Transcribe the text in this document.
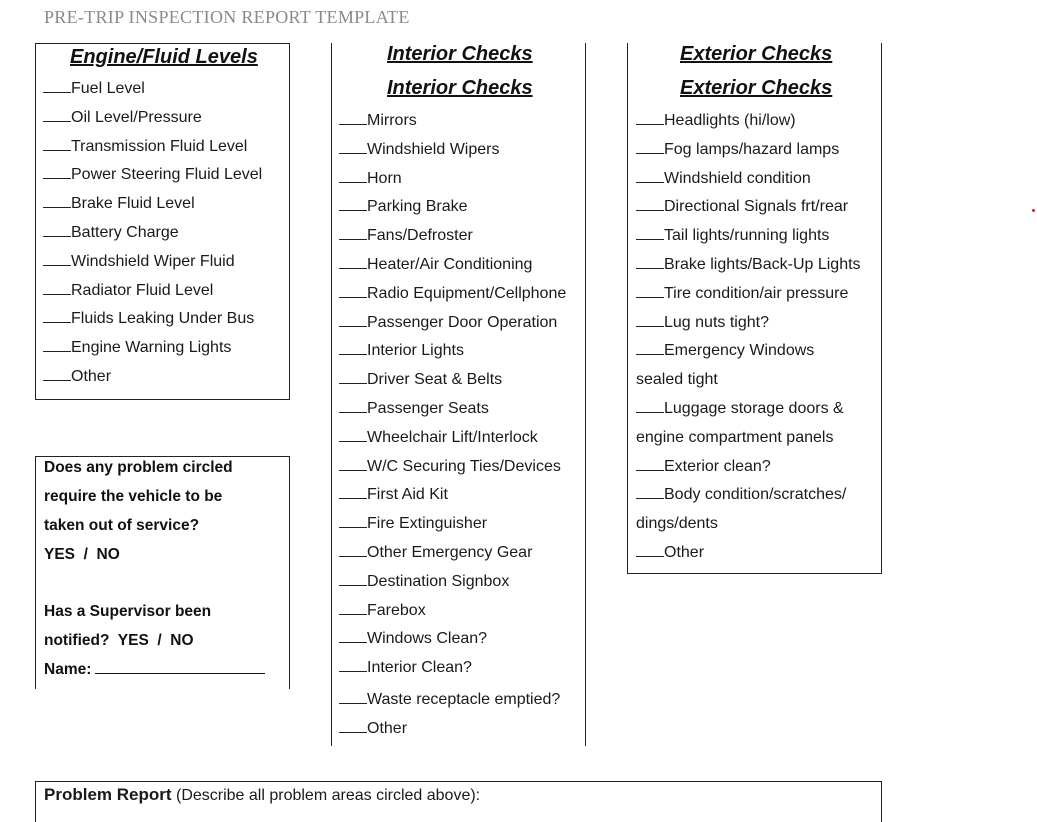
PRE-TRIP INSPECTION REPORT TEMPLATE
Engine/Fluid Levels
Does any problem circled
require the vehicle to be
taken out of service?
YES  /  NO
Has a Supervisor been
notified?  YES  /  NO
Name:
Interior Checks
Interior Checks
Exterior Checks
Exterior Checks
Problem Report (Describe all problem areas circled above):
Fuel Level
Oil Level/Pressure
Transmission Fluid Level
Power Steering Fluid Level
Brake Fluid Level
Battery Charge
Windshield Wiper Fluid
Radiator Fluid Level
Fluids Leaking Under Bus
Engine Warning Lights
Other
Mirrors
Windshield Wipers
Horn
Parking Brake
Fans/Defroster
Heater/Air Conditioning
Radio Equipment/Cellphone
Passenger Door Operation
Interior Lights
Driver Seat & Belts
Passenger Seats
Wheelchair Lift/Interlock
W/C Securing Ties/Devices
First Aid Kit
Fire Extinguisher
Other Emergency Gear
Destination Signbox
Farebox
Windows Clean?
Interior Clean?
Waste receptacle emptied?
Other
Headlights (hi/low)
Fog lamps/hazard lamps
Windshield condition
Directional Signals frt/rear
Tail lights/running lights
Brake lights/Back-Up Lights
Tire condition/air pressure
Lug nuts tight?
Emergency Windows
sealed tight
Luggage storage doors &
engine compartment panels
Exterior clean?
Body condition/scratches/
dings/dents
Other
